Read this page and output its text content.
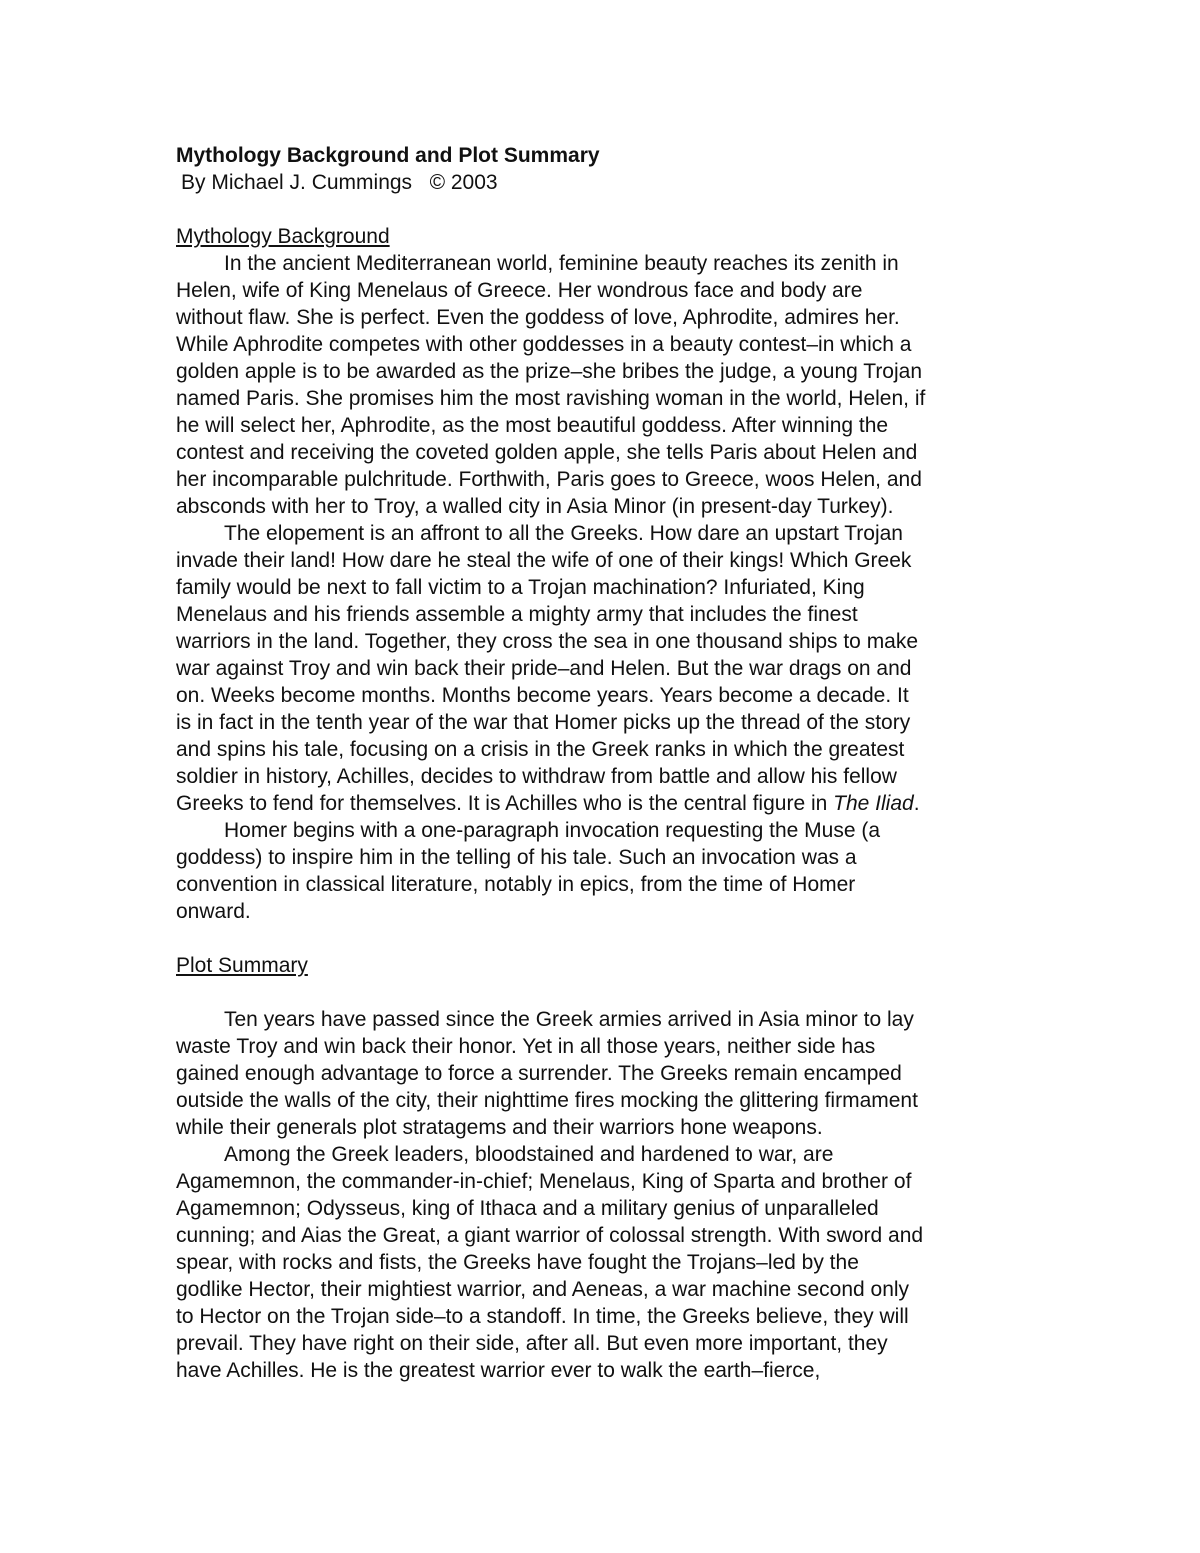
Mythology Background and Plot Summary

By Michael J. Cummings   © 2003

Mythology Background

In the ancient Mediterranean world, feminine beauty reaches its zenith in
Helen, wife of King Menelaus of Greece. Her wondrous face and body are
without flaw. She is perfect. Even the goddess of love, Aphrodite, admires her.
While Aphrodite competes with other goddesses in a beauty contest–in which a
golden apple is to be awarded as the prize–she bribes the judge, a young Trojan
named Paris. She promises him the most ravishing woman in the world, Helen, if
he will select her, Aphrodite, as the most beautiful goddess. After winning the
contest and receiving the coveted golden apple, she tells Paris about Helen and
her incomparable pulchritude. Forthwith, Paris goes to Greece, woos Helen, and
absconds with her to Troy, a walled city in Asia Minor (in present-day Turkey).
The elopement is an affront to all the Greeks. How dare an upstart Trojan
invade their land! How dare he steal the wife of one of their kings! Which Greek
family would be next to fall victim to a Trojan machination? Infuriated, King
Menelaus and his friends assemble a mighty army that includes the finest
warriors in the land. Together, they cross the sea in one thousand ships to make
war against Troy and win back their pride–and Helen. But the war drags on and
on. Weeks become months. Months become years. Years become a decade. It
is in fact in the tenth year of the war that Homer picks up the thread of the story
and spins his tale, focusing on a crisis in the Greek ranks in which the greatest
soldier in history, Achilles, decides to withdraw from battle and allow his fellow
Greeks to fend for themselves. It is Achilles who is the central figure in The Iliad.
Homer begins with a one-paragraph invocation requesting the Muse (a
goddess) to inspire him in the telling of his tale. Such an invocation was a
convention in classical literature, notably in epics, from the time of Homer
onward.

Plot Summary

Ten years have passed since the Greek armies arrived in Asia minor to lay
waste Troy and win back their honor. Yet in all those years, neither side has
gained enough advantage to force a surrender. The Greeks remain encamped
outside the walls of the city, their nighttime fires mocking the glittering firmament
while their generals plot stratagems and their warriors hone weapons.
Among the Greek leaders, bloodstained and hardened to war, are
Agamemnon, the commander-in-chief; Menelaus, King of Sparta and brother of
Agamemnon; Odysseus, king of Ithaca and a military genius of unparalleled
cunning; and Aias the Great, a giant warrior of colossal strength. With sword and
spear, with rocks and fists, the Greeks have fought the Trojans–led by the
godlike Hector, their mightiest warrior, and Aeneas, a war machine second only
to Hector on the Trojan side–to a standoff. In time, the Greeks believe, they will
prevail. They have right on their side, after all. But even more important, they
have Achilles. He is the greatest warrior ever to walk the earth–fierce,
